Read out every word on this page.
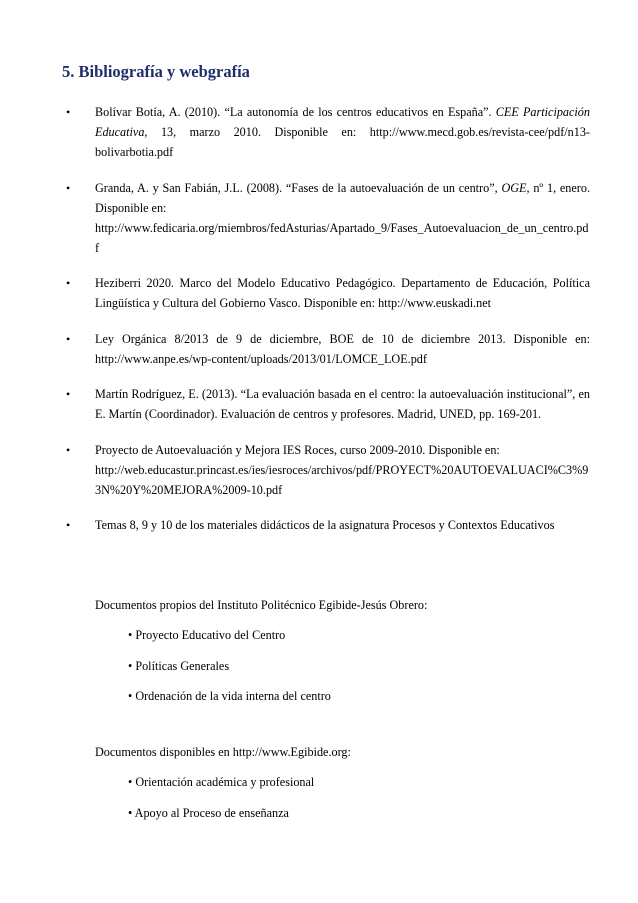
5. Bibliografía y webgrafía
• Bolívar Botía, A. (2010). “La autonomía de los centros educativos en España”. CEE Participación Educativa, 13, marzo 2010. Disponible en: http://www.mecd.gob.es/revista-cee/pdf/n13-bolivarbotia.pdf
• Granda, A. y San Fabián, J.L. (2008). “Fases de la autoevaluación de un centro”, OGE, nº 1, enero. Disponible en:
http://www.fedicaria.org/miembros/fedAsturias/Apartado_9/Fases_Autoevaluacion_de_un_centro.pdf
• Heziberri 2020. Marco del Modelo Educativo Pedagógico. Departamento de Educación, Política Lingüística y Cultura del Gobierno Vasco. Disponible en: http://www.euskadi.net
• Ley Orgánica 8/2013 de 9 de diciembre, BOE de 10 de diciembre 2013. Disponible en: http://www.anpe.es/wp-content/uploads/2013/01/LOMCE_LOE.pdf
• Martín Rodríguez, E. (2013). “La evaluación basada en el centro: la autoevaluación institucional”, en E. Martín (Coordinador). Evaluación de centros y profesores. Madrid, UNED, pp. 169-201.
• Proyecto de Autoevaluación y Mejora IES Roces, curso 2009-2010. Disponible en:
http://web.educastur.princast.es/ies/iesroces/archivos/pdf/PROYECT%20AUTOEVALUACI%C3%93N%20Y%20MEJORA%2009-10.pdf
• Temas 8, 9 y 10 de los materiales didácticos de la asignatura Procesos y Contextos Educativos
Documentos propios del Instituto Politécnico Egibide-Jesús Obrero:
• Proyecto Educativo del Centro
• Políticas Generales
• Ordenación de la vida interna del centro
Documentos disponibles en http://www.Egibide.org:
• Orientación académica y profesional
• Apoyo al Proceso de enseñanza
